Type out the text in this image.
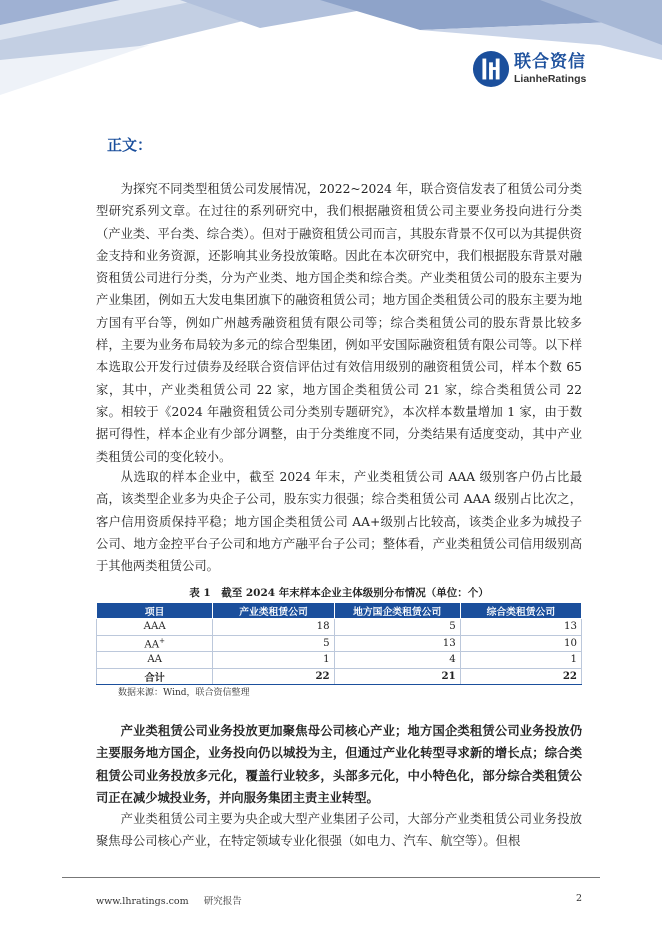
联合资信
LianheRatings
正文：

为探究不同类型租赁公司发展情况，2022~2024 年，联合资信发表了租赁公司分类型研究系列文章。在过往的系列研究中，我们根据融资租赁公司主要业务投向进行分类（产业类、平台类、综合类）。但对于融资租赁公司而言，其股东背景不仅可以为其提供资金支持和业务资源，还影响其业务投放策略。因此在本次研究中，我们根据股东背景对融资租赁公司进行分类，分为产业类、地方国企类和综合类。产业类租赁公司的股东主要为产业集团，例如五大发电集团旗下的融资租赁公司；地方国企类租赁公司的股东主要为地方国有平台等，例如广州越秀融资租赁有限公司等；综合类租赁公司的股东背景比较多样，主要为业务布局较为多元的综合型集团，例如平安国际融资租赁有限公司等。以下样本选取公开发行过债券及经联合资信评估过有效信用级别的融资租赁公司，样本个数 65 家，其中，产业类租赁公司 22 家，地方国企类租赁公司 21 家，综合类租赁公司 22 家。相较于《2024 年融资租赁公司分类别专题研究》，本次样本数量增加 1 家，由于数据可得性，样本企业有少部分调整，由于分类维度不同，分类结果有适度变动，其中产业类租赁公司的变化较小。

从选取的样本企业中，截至 2024 年末，产业类租赁公司 AAA 级别客户仍占比最高，该类型企业多为央企子公司，股东实力很强；综合类租赁公司 AAA 级别占比次之，客户信用资质保持平稳；地方国企类租赁公司 AA+级别占比较高，该类企业多为城投子公司、地方金控平台子公司和地方产融平台子公司；整体看，产业类租赁公司信用级别高于其他两类租赁公司。

表 1　截至 2024 年末样本企业主体级别分布情况（单位：个）
项目	产业类租赁公司	地方国企类租赁公司	综合类租赁公司
AAA	18	5	13
AA+	5	13	10
AA	1	4	1
合计	22	21	22
数据来源：Wind，联合资信整理

产业类租赁公司业务投放更加聚焦母公司核心产业；地方国企类租赁公司业务投放仍主要服务地方国企，业务投向仍以城投为主，但通过产业化转型寻求新的增长点；综合类租赁公司业务投放多元化，覆盖行业较多，头部多元化，中小特色化，部分综合类租赁公司正在减少城投业务，并向服务集团主责主业转型。

产业类租赁公司主要为央企或大型产业集团子公司，大部分产业类租赁公司业务投放聚焦母公司核心产业，在特定领域专业化很强（如电力、汽车、航空等）。但根

www.lhratings.com 研究报告	2
